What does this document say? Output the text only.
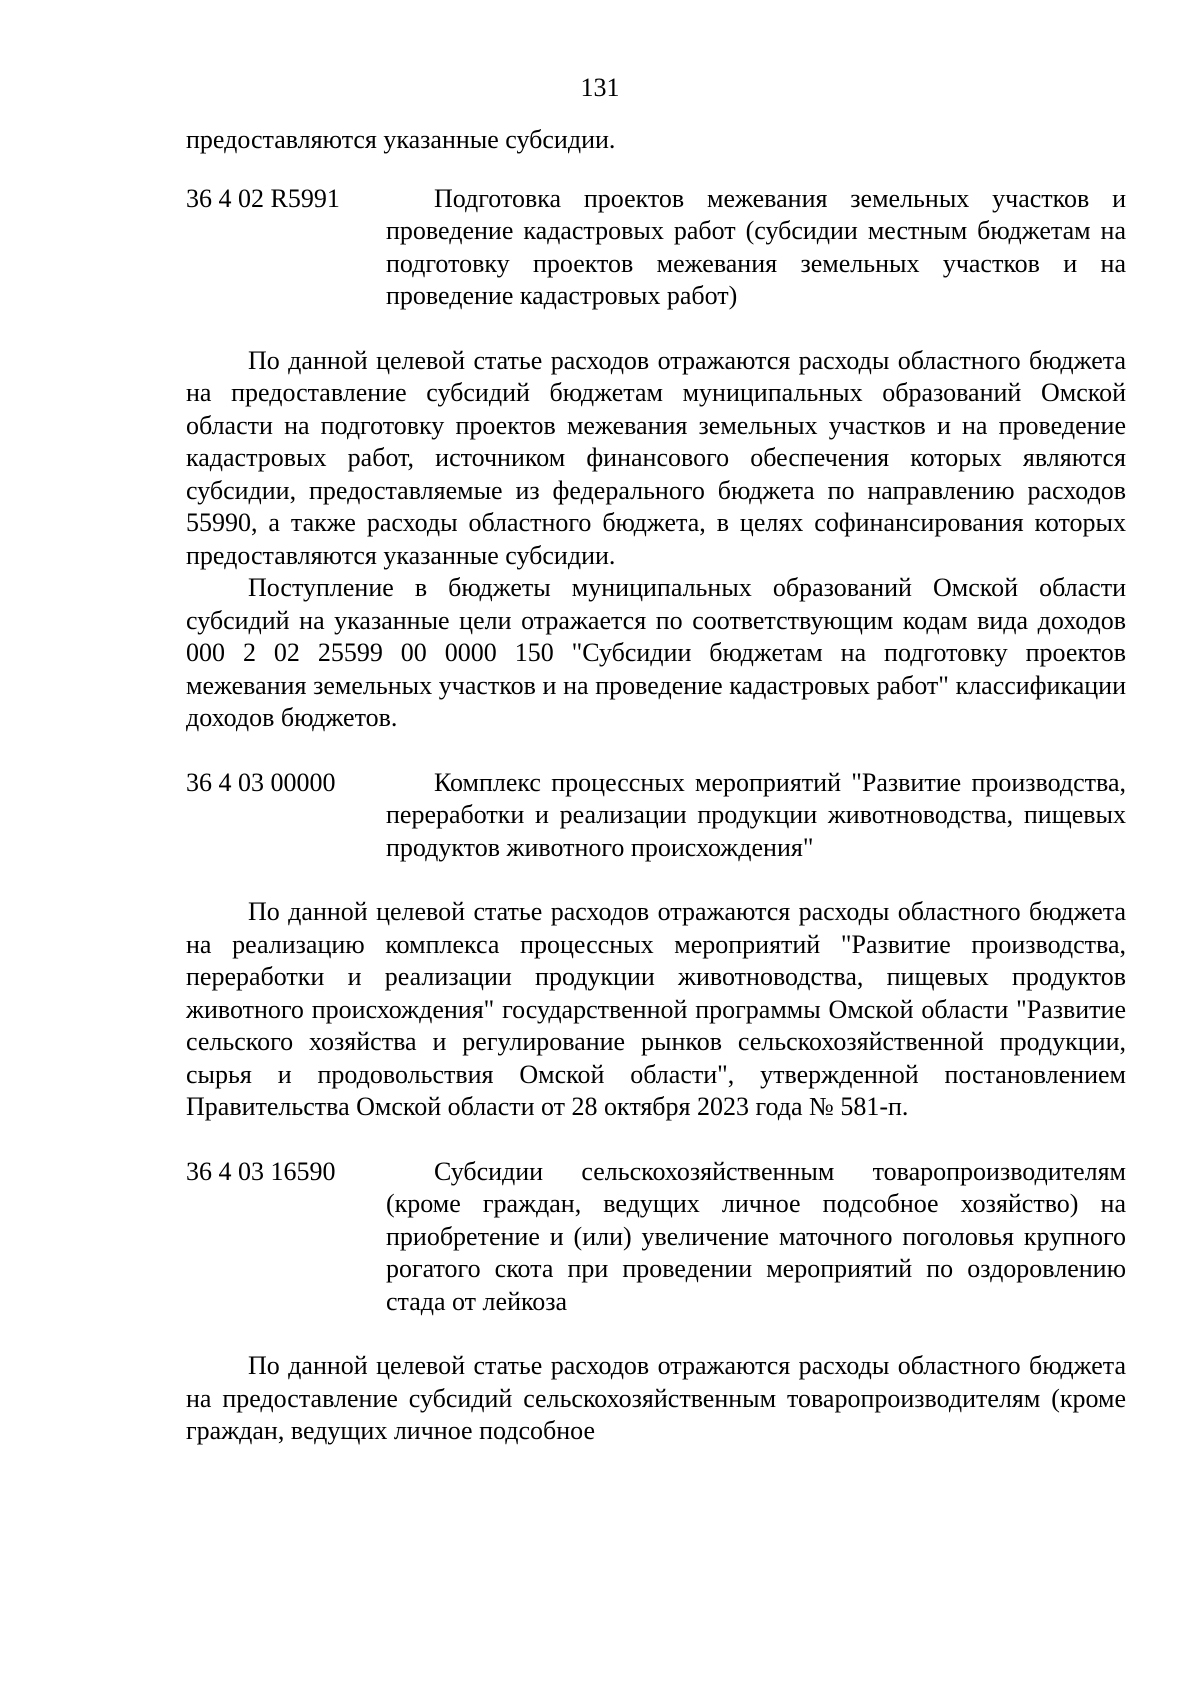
131

предоставляются указанные субсидии.

36 4 02 R5991	Подготовка проектов межевания земельных участков и проведение кадастровых работ (субсидии местным бюджетам на подготовку проектов межевания земельных участков и на проведение кадастровых работ)

По данной целевой статье расходов отражаются расходы областного бюджета на предоставление субсидий бюджетам муниципальных образований Омской области на подготовку проектов межевания земельных участков и на проведение кадастровых работ, источником финансового обеспечения которых являются субсидии, предоставляемые из федерального бюджета по направлению расходов 55990, а также расходы областного бюджета, в целях софинансирования которых предоставляются указанные субсидии.

Поступление в бюджеты муниципальных образований Омской области субсидий на указанные цели отражается по соответствующим кодам вида доходов 000 2 02 25599 00 0000 150 "Субсидии бюджетам на подготовку проектов межевания земельных участков и на проведение кадастровых работ" классификации доходов бюджетов.

36 4 03 00000	Комплекс процессных мероприятий "Развитие производства, переработки и реализации продукции животноводства, пищевых продуктов животного происхождения"

По данной целевой статье расходов отражаются расходы областного бюджета на реализацию комплекса процессных мероприятий "Развитие производства, переработки и реализации продукции животноводства, пищевых продуктов животного происхождения" государственной программы Омской области "Развитие сельского хозяйства и регулирование рынков сельскохозяйственной продукции, сырья и продовольствия Омской области", утвержденной постановлением Правительства Омской области от 28 октября 2023 года № 581-п.

36 4 03 16590	Субсидии сельскохозяйственным товаропроизводителям (кроме граждан, ведущих личное подсобное хозяйство) на приобретение и (или) увеличение маточного поголовья крупного рогатого скота при проведении мероприятий по оздоровлению стада от лейкоза

По данной целевой статье расходов отражаются расходы областного бюджета на предоставление субсидий сельскохозяйственным товаропроизводителям (кроме граждан, ведущих личное подсобное
